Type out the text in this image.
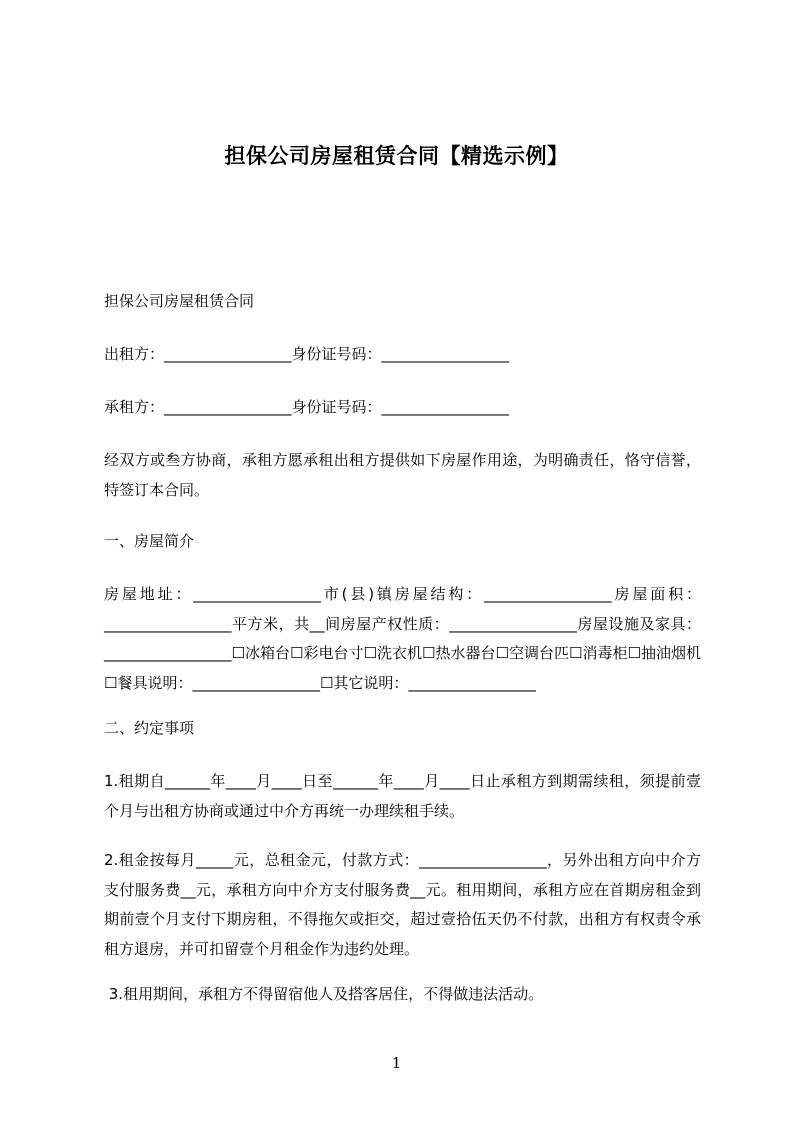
担保公司房屋租赁合同【精选示例】
担保公司房屋租赁合同
出租方：_________________身份证号码：_________________
承租方：_________________身份证号码：_________________
经双方或叁方协商，承租方愿承租出租方提供如下房屋作用途，为明确责任，恪守信誉，特签订本合同。
一、房屋简介
房屋地址：_________________市(县)镇房屋结构：_________________房屋面积：_________________平方米，共__间房屋产权性质：_________________房屋设施及家具：_________________☐冰箱台☐彩电台寸☐洗衣机☐热水器台☐空调台匹☐消毒柜☐抽油烟机☐餐具说明：_________________☐其它说明：_________________
二、约定事项
1.租期自______年____月____日至______年____月____日止承租方到期需续租，须提前壹个月与出租方协商或通过中介方再统一办理续租手续。
2.租金按每月_____元，总租金元，付款方式：_________________，另外出租方向中介方支付服务费__元，承租方向中介方支付服务费__元。租用期间，承租方应在首期房租金到期前壹个月支付下期房租，不得拖欠或拒交，超过壹拾伍天仍不付款，出租方有权责令承租方退房，并可扣留壹个月租金作为违约处理。
3.租用期间，承租方不得留宿他人及搭客居住，不得做违法活动。
1
